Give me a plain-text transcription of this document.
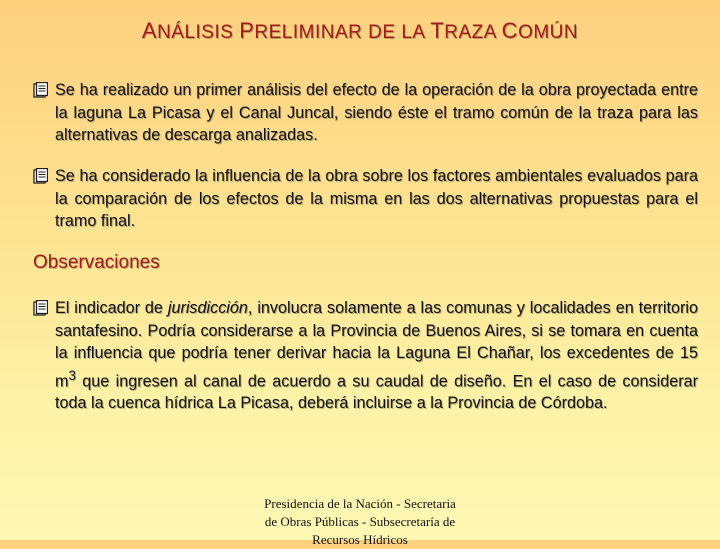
ANÁLISIS PRELIMINAR DE LA TRAZA COMÚN
Se ha realizado un primer análisis del efecto de la operación de la obra proyectada entre la laguna La Picasa y el Canal Juncal, siendo éste el tramo común de la traza para las alternativas de descarga analizadas.
Se ha considerado la influencia de la obra sobre los factores ambientales evaluados para la comparación de los efectos de la misma en las dos alternativas propuestas para el tramo final.
Observaciones
El indicador de jurisdicción, involucra solamente a las comunas y localidades en territorio santafesino. Podría considerarse a la Provincia de Buenos Aires, si se tomara en cuenta la influencia que podría tener derivar hacia la Laguna El Chañar, los excedentes de 15 $m^3$ que ingresen al canal de acuerdo a su caudal de diseño. En el caso de considerar toda la cuenca hídrica La Picasa, deberá incluirse a la Provincia de Córdoba.
Presidencia de la Nación - Secretaria
de Obras Públicas - Subsecretaría de
Recursos Hídricos
